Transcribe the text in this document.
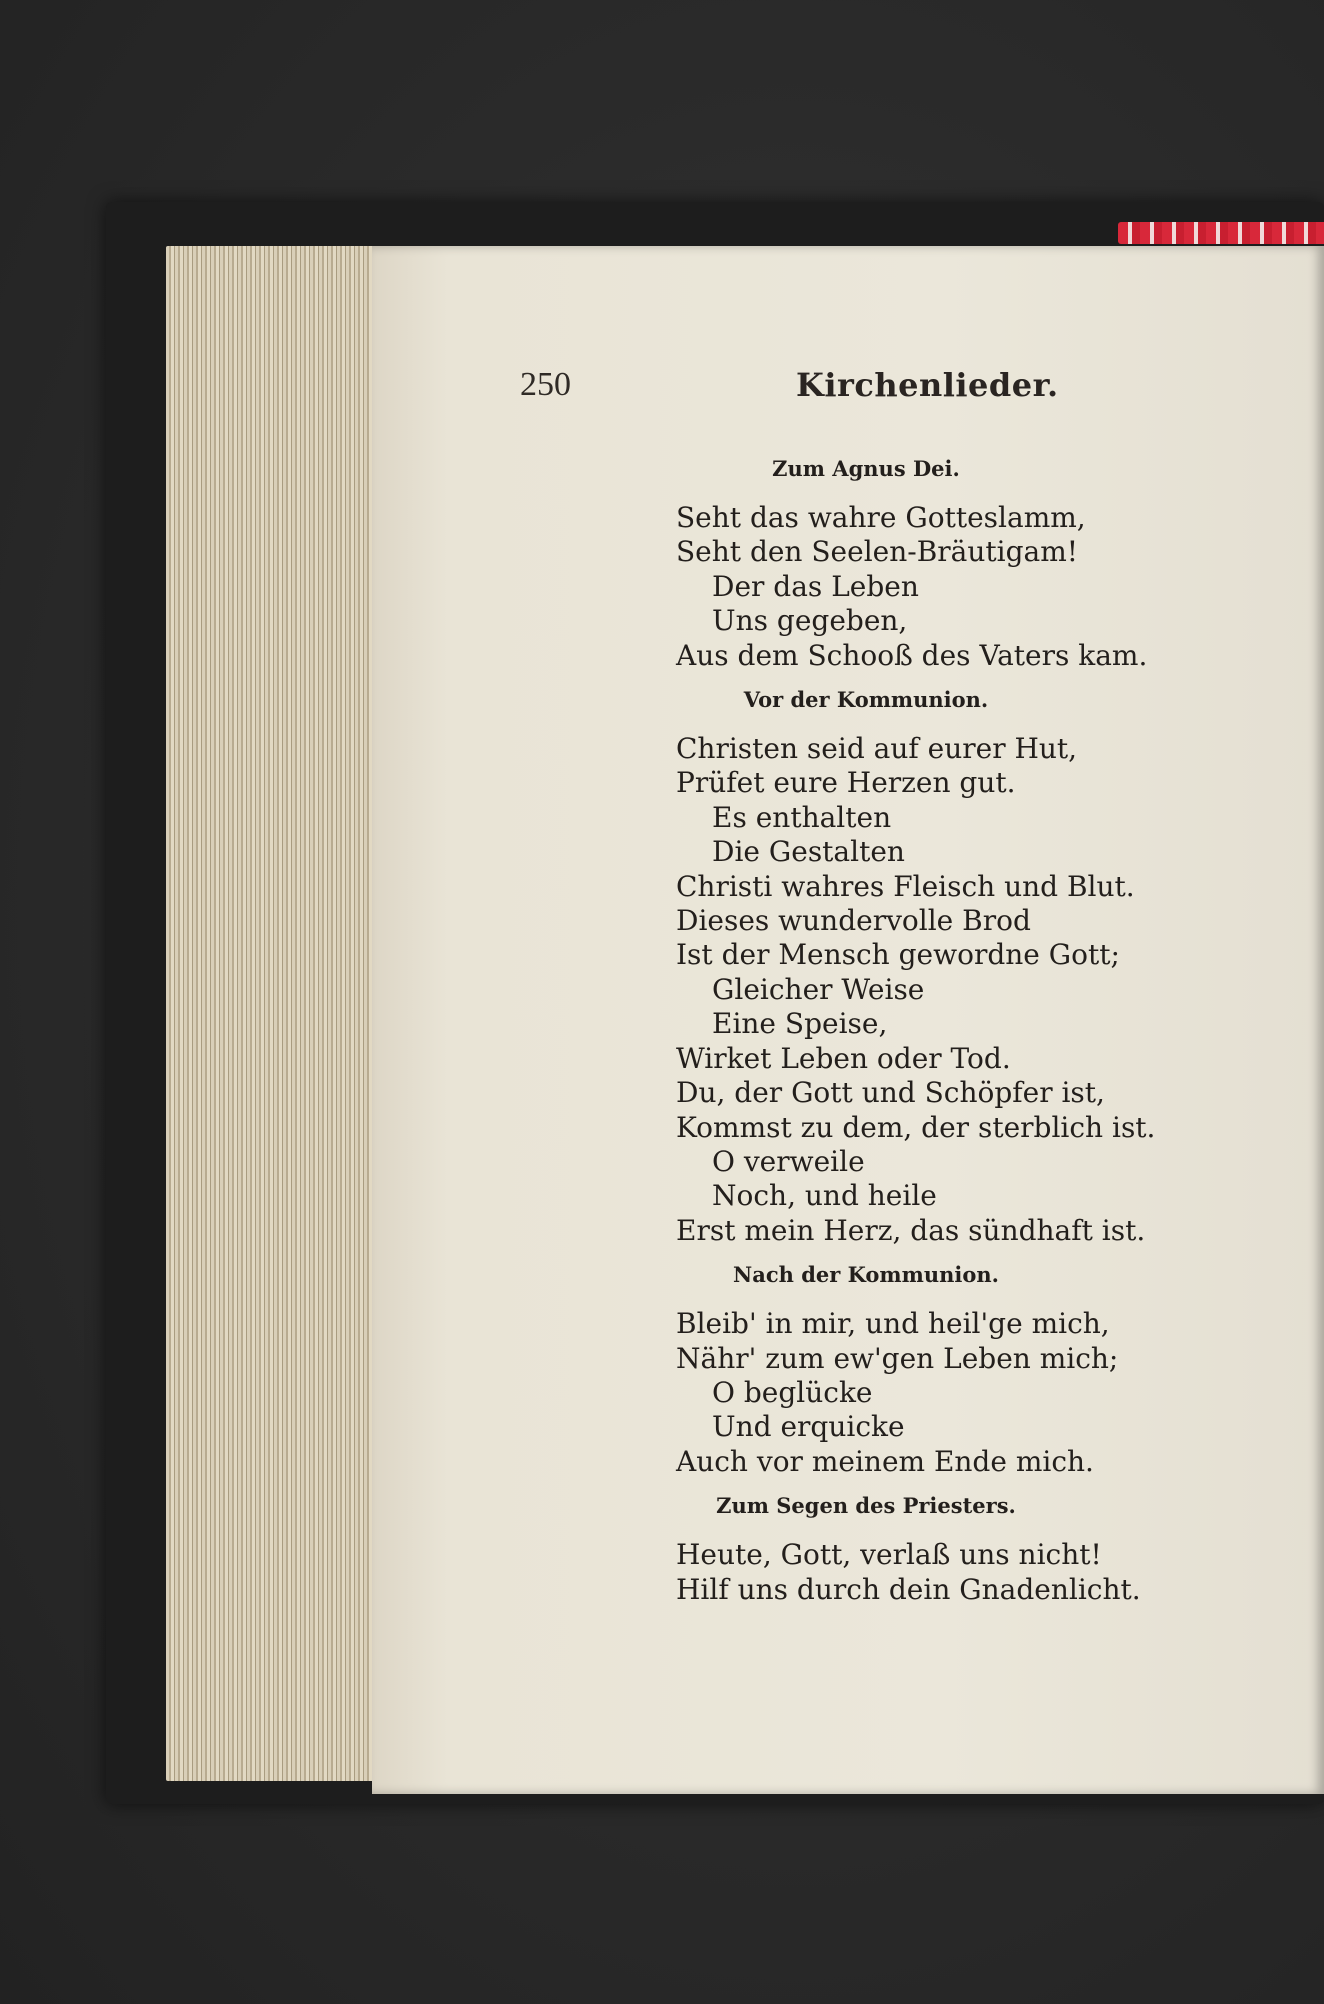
250	Kirchenlieder.
Zum Agnus Dei.
Seht das wahre Gotteslamm,
Seht den Seelen-Bräutigam!
Der das Leben
Uns gegeben,
Aus dem Schooß des Vaters kam.
Vor der Kommunion.
Christen seid auf eurer Hut,
Prüfet eure Herzen gut.
Es enthalten
Die Gestalten
Christi wahres Fleisch und Blut.
Dieses wundervolle Brod
Ist der Mensch gewordne Gott;
Gleicher Weise
Eine Speise,
Wirket Leben oder Tod.
Du, der Gott und Schöpfer ist,
Kommst zu dem, der sterblich ist.
O verweile
Noch, und heile
Erst mein Herz, das sündhaft ist.
Nach der Kommunion.
Bleib' in mir, und heil'ge mich,
Nähr' zum ew'gen Leben mich;
O beglücke
Und erquicke
Auch vor meinem Ende mich.
Zum Segen des Priesters.
Heute, Gott, verlaß uns nicht!
Hilf uns durch dein Gnadenlicht.
